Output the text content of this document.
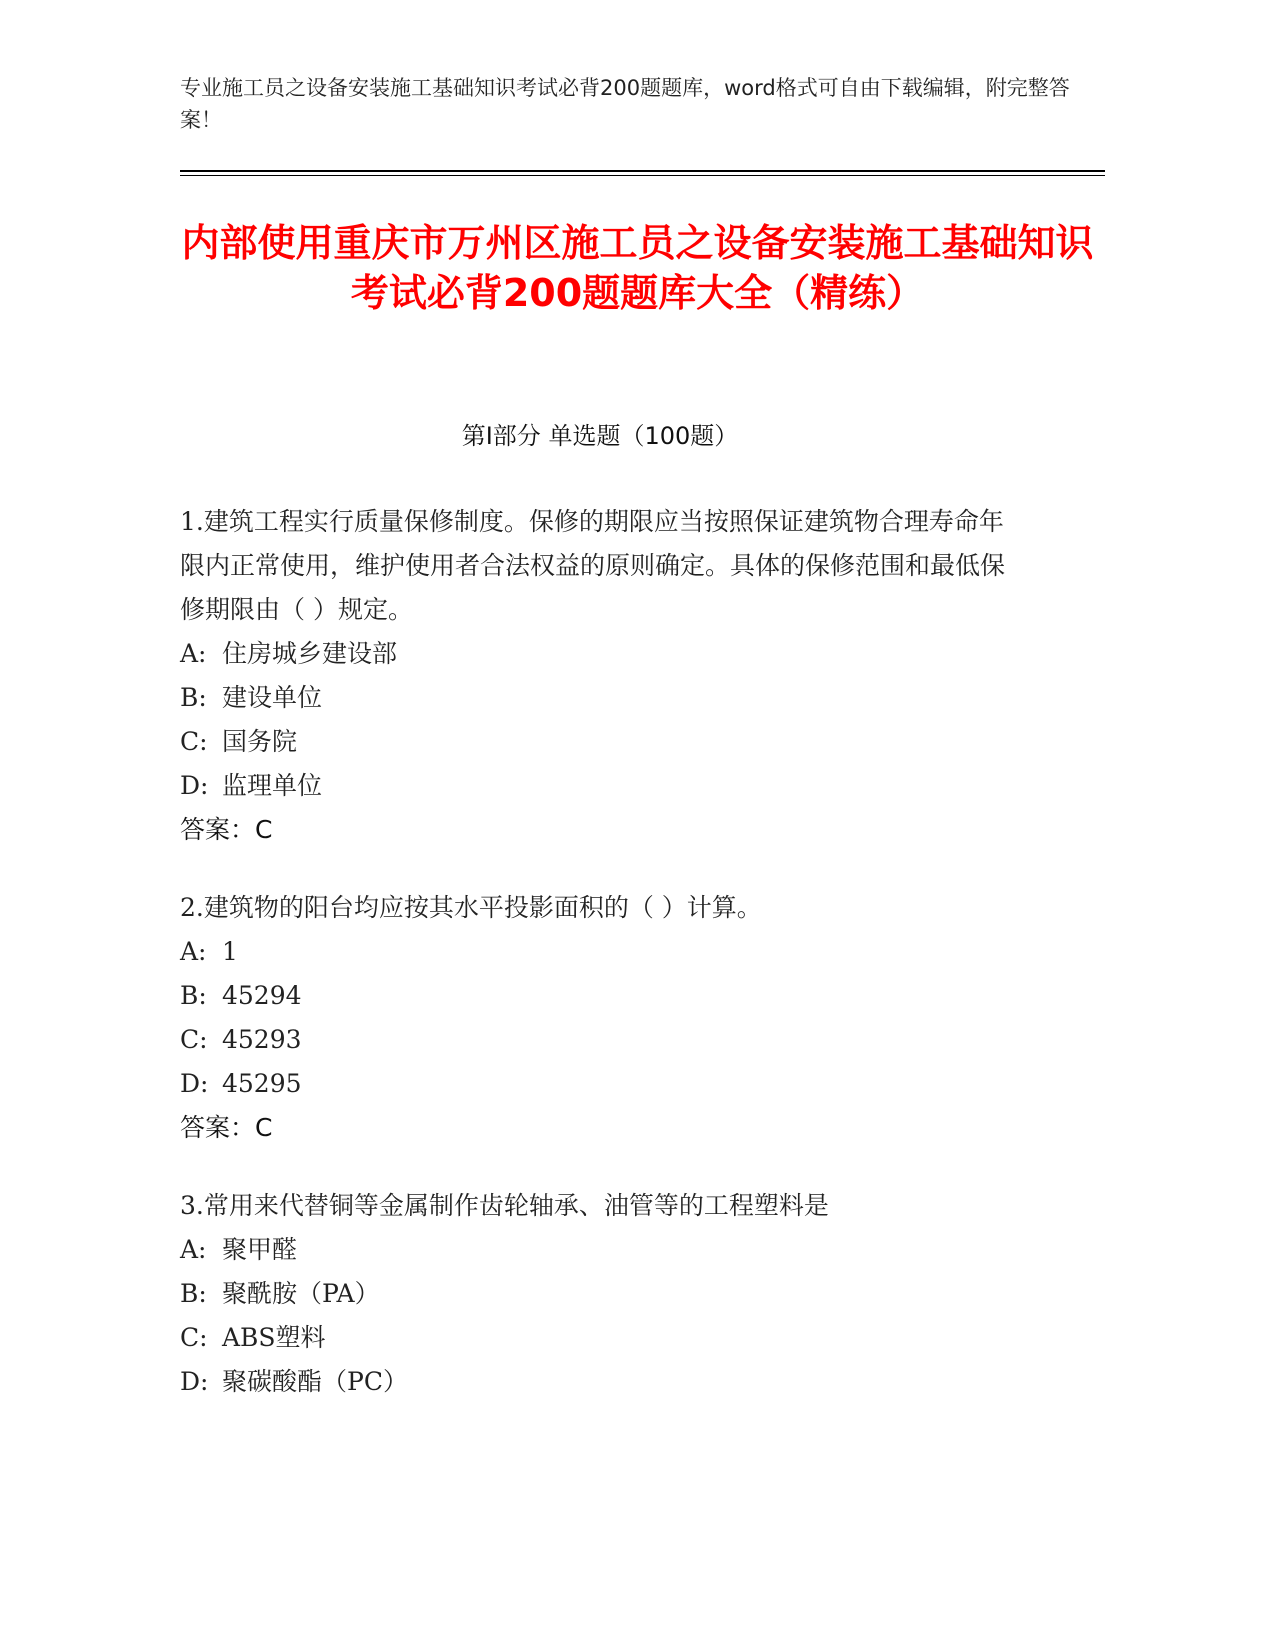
专业施工员之设备安装施工基础知识考试必背200题题库，word格式可自由下载编辑，附完整答案！

内部使用重庆市万州区施工员之设备安装施工基础知识考试必背200题题库大全（精练）
第I部分 单选题（100题）

1.建筑工程实行质量保修制度。保修的期限应当按照保证建筑物合理寿命年限内正常使用，维护使用者合法权益的原则确定。具体的保修范围和最低保修期限由（ ）规定。

A: 住房城乡建设部

B: 建设单位

C: 国务院

D: 监理单位

答案：C

2.建筑物的阳台均应按其水平投影面积的（ ）计算。

A: 1

B: 45294

C: 45293

D: 45295

答案：C

3.常用来代替铜等金属制作齿轮轴承、油管等的工程塑料是

A: 聚甲醛

B: 聚酰胺（PA）

C: ABS塑料

D: 聚碳酸酯（PC）
